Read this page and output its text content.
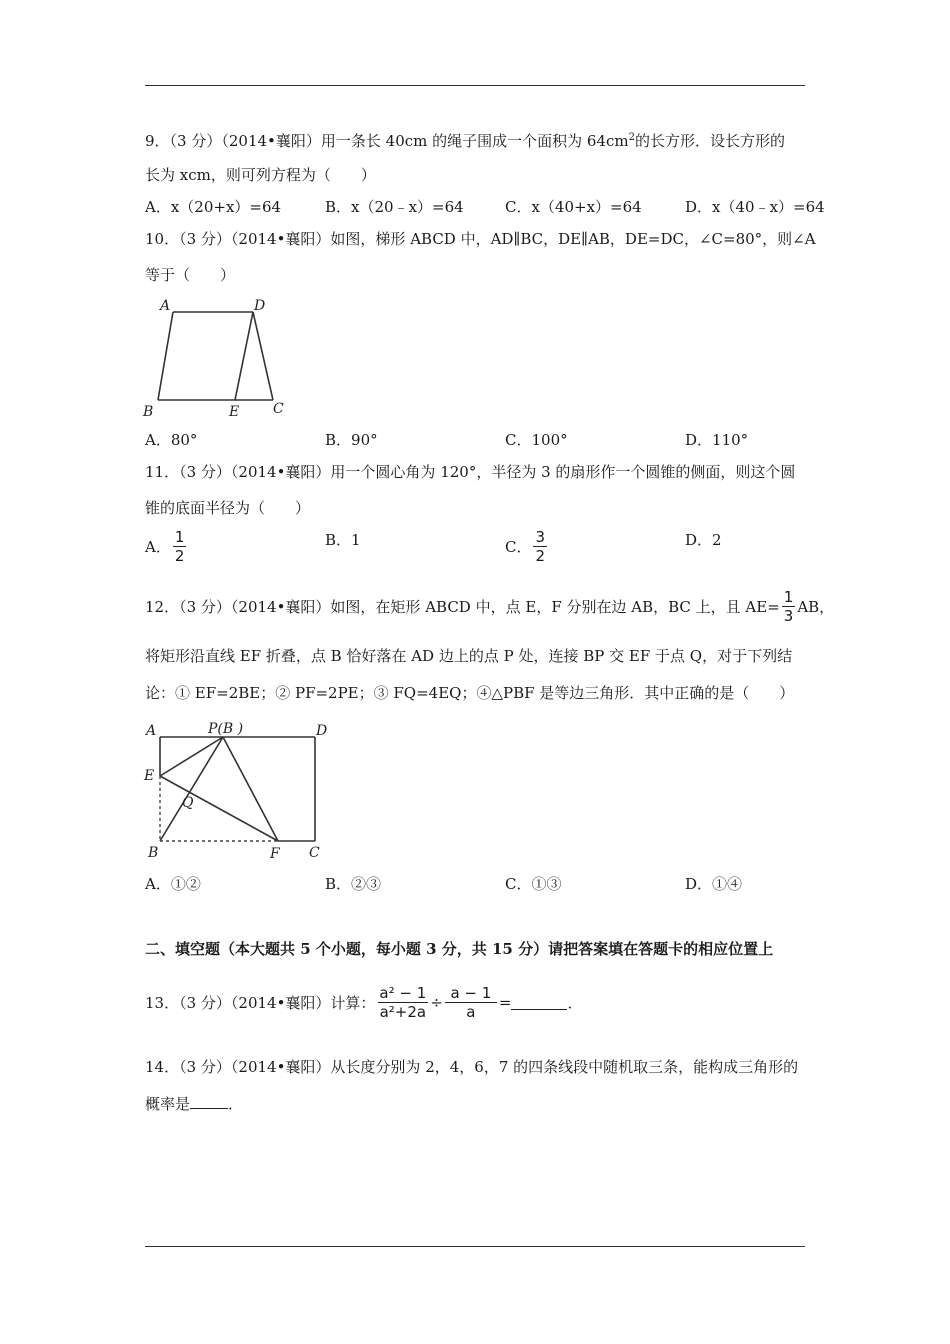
9．（3 分）（2014•襄阳）用一条长 40cm 的绳子围成一个面积为 $64cm^2$的长方形．设长方形的
长为 xcm，则可列方程为（　　）
A．x（20+x）=64	B．x（20﹣x）=64	C．x（40+x）=64	D．x（40﹣x）=64
10．（3 分）（2014•襄阳）如图，梯形 ABCD 中，AD∥BC，DE∥AB，DE=DC，∠C=80°，则∠A
等于（　　）
A	D
B	E C
A．80°	B．90°	C．100°	D．110°
11．（3 分）（2014•襄阳）用一个圆心角为 120°，半径为 3 的扇形作一个圆锥的侧面，则这个圆
锥的底面半径为（　　）
A． $\frac{1}{2}$	B．1	C． $\frac{3}{2}$	D．2
12．（3 分）（2014•襄阳）如图，在矩形 ABCD 中，点 E，F 分别在边 AB，BC 上，且 $AE= \frac{1}{3}$ AB，
将矩形沿直线 EF 折叠，点 B 恰好落在 AD 边上的点 P 处，连接 BP 交 EF 于点 Q，对于下列结
论：① EF=2BE；② PF=2PE；③ FQ=4EQ；④△PBF 是等边三角形．其中正确的是（　　）
A	P(B )	D
E
Q
B	F C
A．①②	B．②③	C．①③	D．①④
二、填空题（本大题共 5 个小题，每小题 3 分，共 15 分）请把答案填在答题卡的相应位置上
13．（3 分）（2014•襄阳）计算： $\frac{\text{a² − 1}}{\text{a²+2a}} \div \frac{a - 1}{a}$ =	．
14．（3 分）（2014•襄阳）从长度分别为 2，4，6，7 的四条线段中随机取三条，能构成三角形的
概率是	．
